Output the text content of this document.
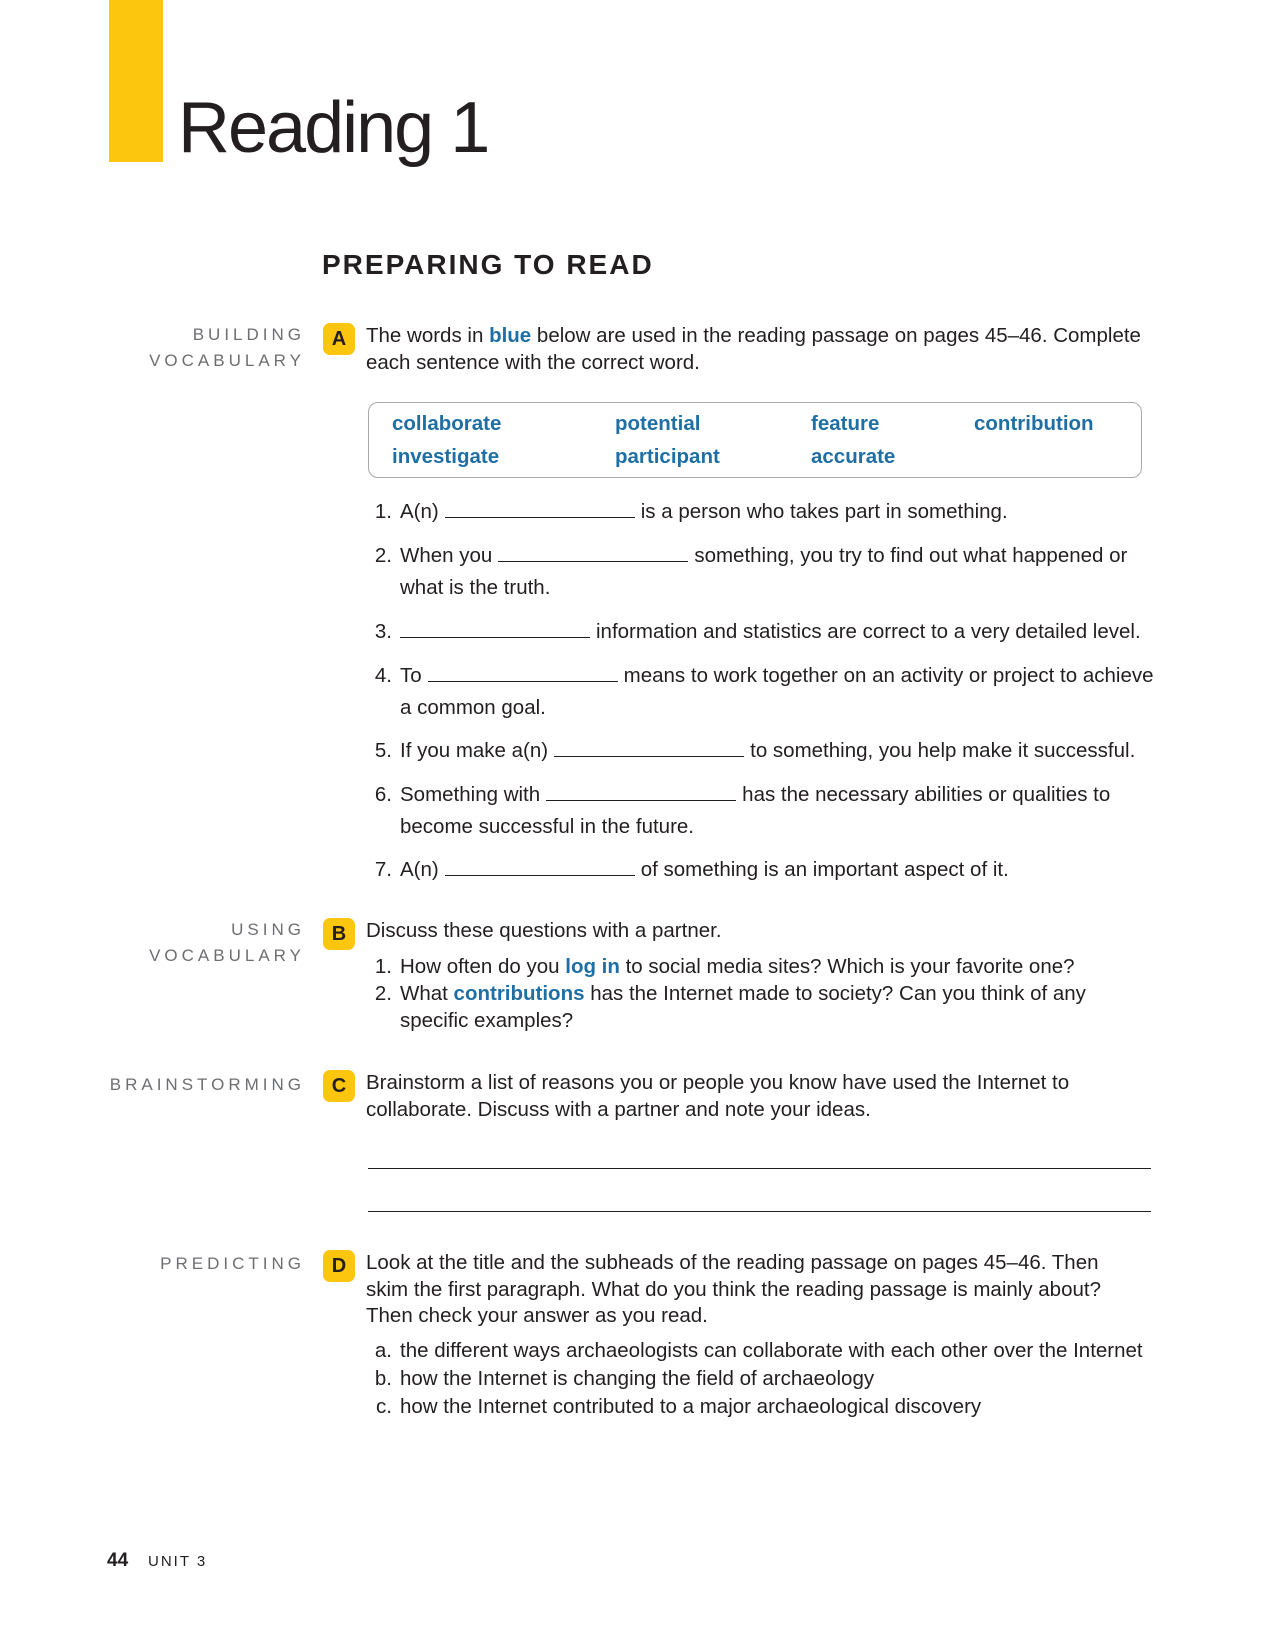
Reading 1
PREPARING TO READ
BUILDING
VOCABULARY
A The words in blue below are used in the reading passage on pages 45–46. Complete each sentence with the correct word.
collaborate	potential	feature	contribution
investigate	participant	accurate
1. A(n)	is a person who takes part in something.
2. When you	something, you try to find out what happened or what is the truth.
3.	information and statistics are correct to a very detailed level.
4. To	means to work together on an activity or project to achieve a common goal.
5. If you make a(n)	to something, you help make it successful.
6. Something with	has the necessary abilities or qualities to become successful in the future.
7. A(n)	of something is an important aspect of it.
USING
VOCABULARY
B Discuss these questions with a partner.
1. How often do you log in to social media sites? Which is your favorite one?
2. What contributions has the Internet made to society? Can you think of any specific examples?
BRAINSTORMING	C Brainstorm a list of reasons you or people you know have used the Internet to collaborate. Discuss with a partner and note your ideas.
PREDICTING	D Look at the title and the subheads of the reading passage on pages 45–46. Then skim the first paragraph. What do you think the reading passage is mainly about? Then check your answer as you read.
a. the different ways archaeologists can collaborate with each other over the Internet
b. how the Internet is changing the field of archaeology
c. how the Internet contributed to a major archaeological discovery
44 UNIT 3
